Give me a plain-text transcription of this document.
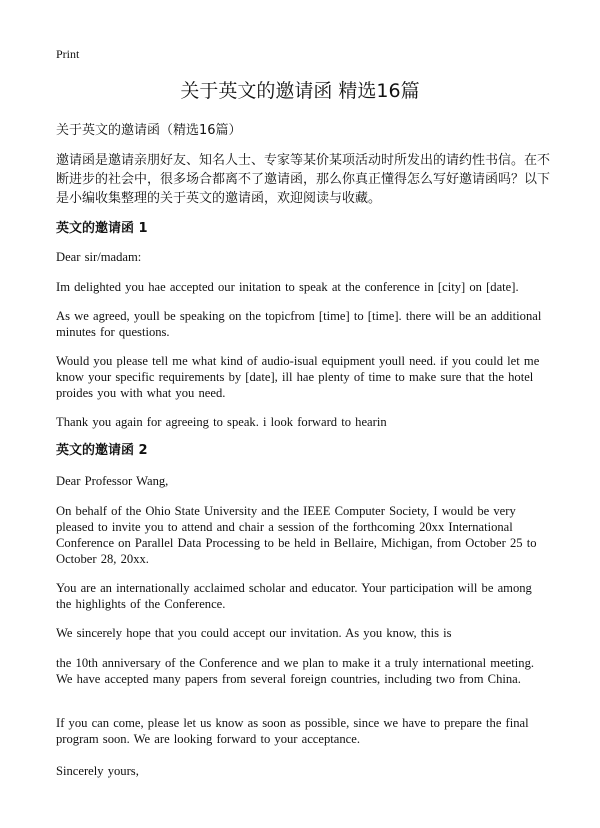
Print
关于英文的邀请函 精选16篇
关于英文的邀请函（精选16篇）

邀请函是邀请亲朋好友、知名人士、专家等某价某项活动时所发出的请约性书信。在不断进步的社会中，很多场合都离不了邀请函，那么你真正懂得怎么写好邀请函吗？以下是小编收集整理的关于英文的邀请函，欢迎阅读与收藏。

英文的邀请函 1

Dear sir/madam:

Im delighted you hae accepted our initation to speak at the conference in [city] on [date].

As we agreed, youll be speaking on the topicfrom [time] to [time]. there will be an additional minutes for questions.

Would you please tell me what kind of audio-isual equipment youll need. if you could let me know your specific requirements by [date], ill hae plenty of time to make sure that the hotel proides you with what you need.

Thank you again for agreeing to speak. i look forward to hearin

英文的邀请函 2

Dear Professor Wang,

On behalf of the Ohio State University and the IEEE Computer Society, I would be very pleased to invite you to attend and chair a session of the forthcoming 20xx International Conference on Parallel Data Processing to be held in Bellaire, Michigan, from October 25 to October 28, 20xx.

You are an internationally acclaimed scholar and educator. Your participation will be among the highlights of the Conference.

We sincerely hope that you could accept our invitation. As you know, this is

the 10th anniversary of the Conference and we plan to make it a truly international meeting. We have accepted many papers from several foreign countries, including two from China.

If you can come, please let us know as soon as possible, since we have to prepare the final program soon. We are looking forward to your acceptance.

Sincerely yours,
